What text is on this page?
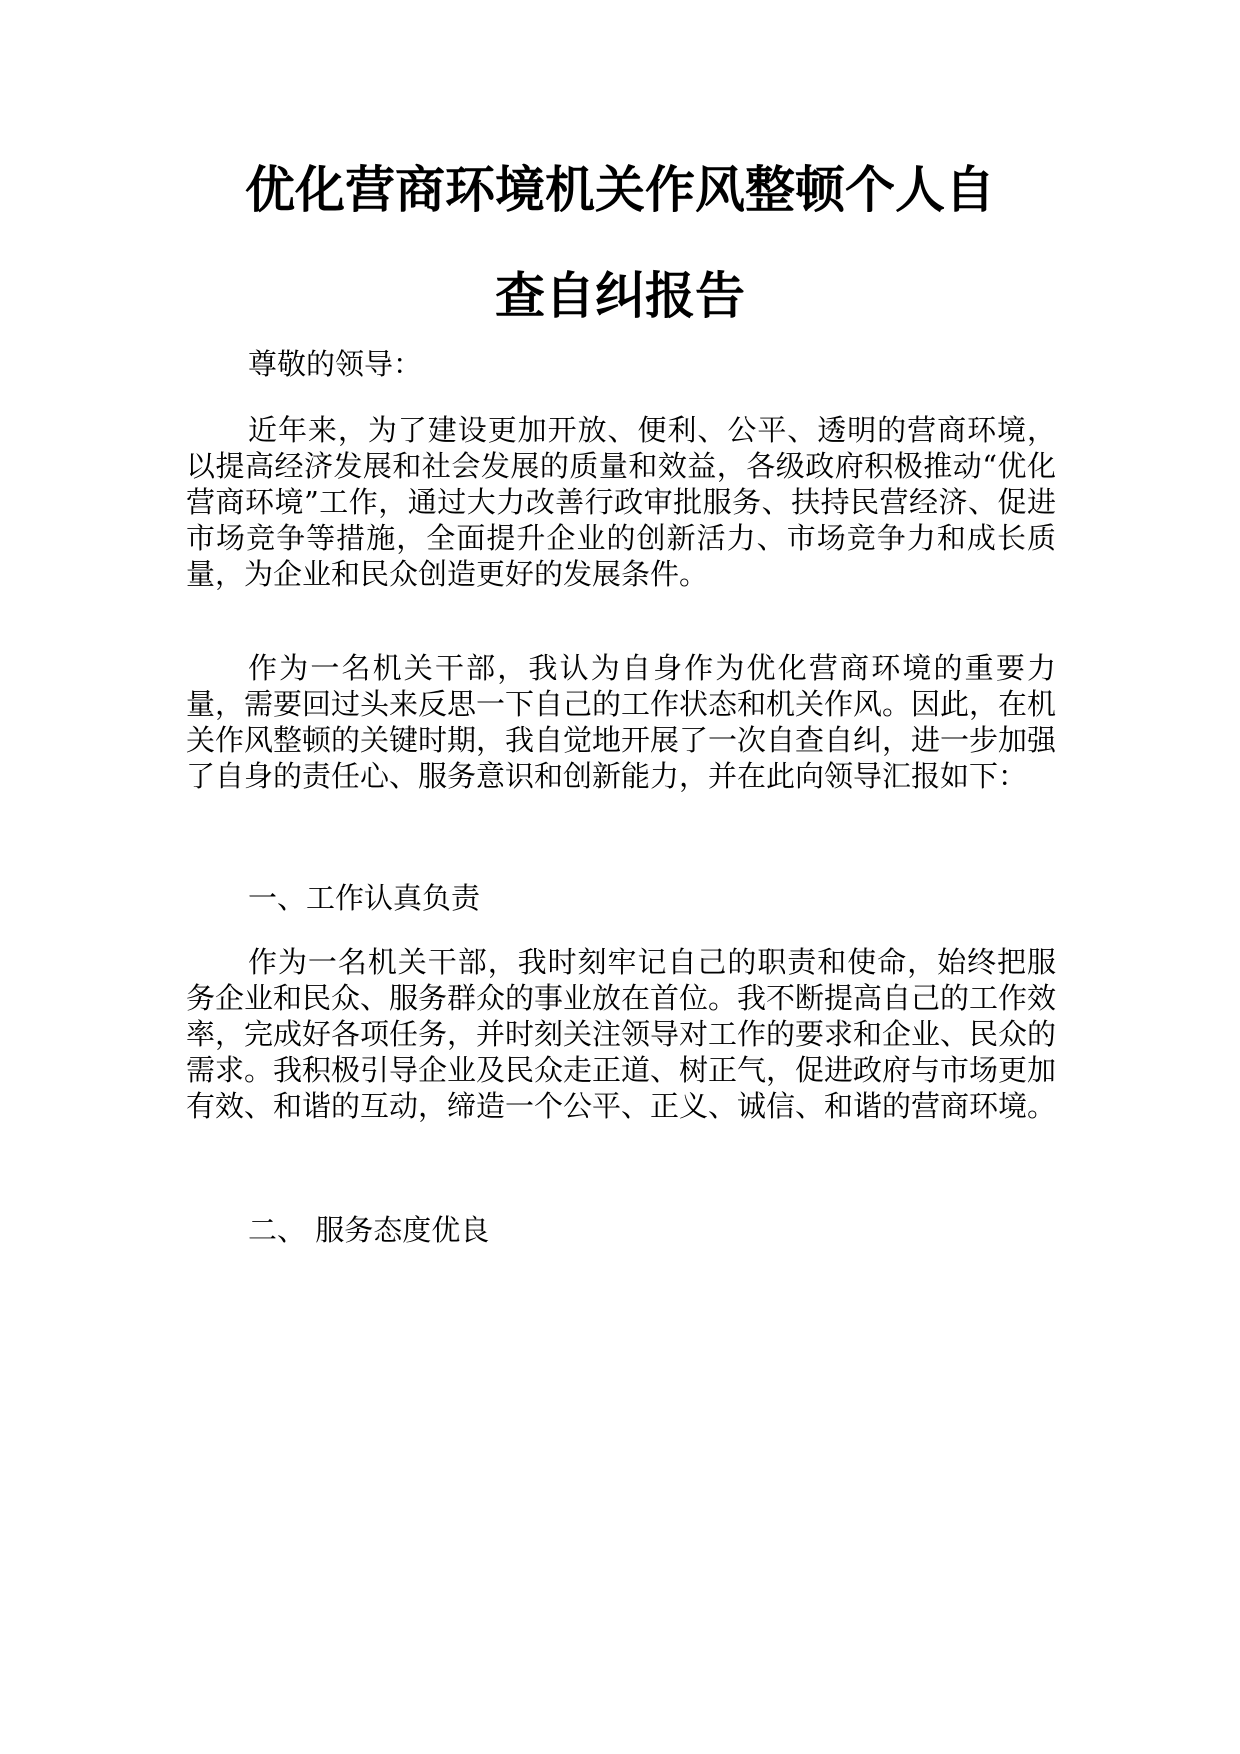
优化营商环境机关作风整顿个人自
查自纠报告

尊敬的领导：

近年来，为了建设更加开放、便利、公平、透明的营商环境，以提高经济发展和社会发展的质量和效益，各级政府积极推动“优化营商环境”工作，通过大力改善行政审批服务、扶持民营经济、促进市场竞争等措施，全面提升企业的创新活力、市场竞争力和成长质量，为企业和民众创造更好的发展条件。

作为一名机关干部，我认为自身作为优化营商环境的重要力量，需要回过头来反思一下自己的工作状态和机关作风。因此，在机关作风整顿的关键时期，我自觉地开展了一次自查自纠，进一步加强了自身的责任心、服务意识和创新能力，并在此向领导汇报如下：

一、工作认真负责

作为一名机关干部，我时刻牢记自己的职责和使命，始终把服务企业和民众、服务群众的事业放在首位。我不断提高自己的工作效率，完成好各项任务，并时刻关注领导对工作的要求和企业、民众的需求。我积极引导企业及民众走正道、树正气，促进政府与市场更加有效、和谐的互动，缔造一个公平、正义、诚信、和谐的营商环境。

二、 服务态度优良
